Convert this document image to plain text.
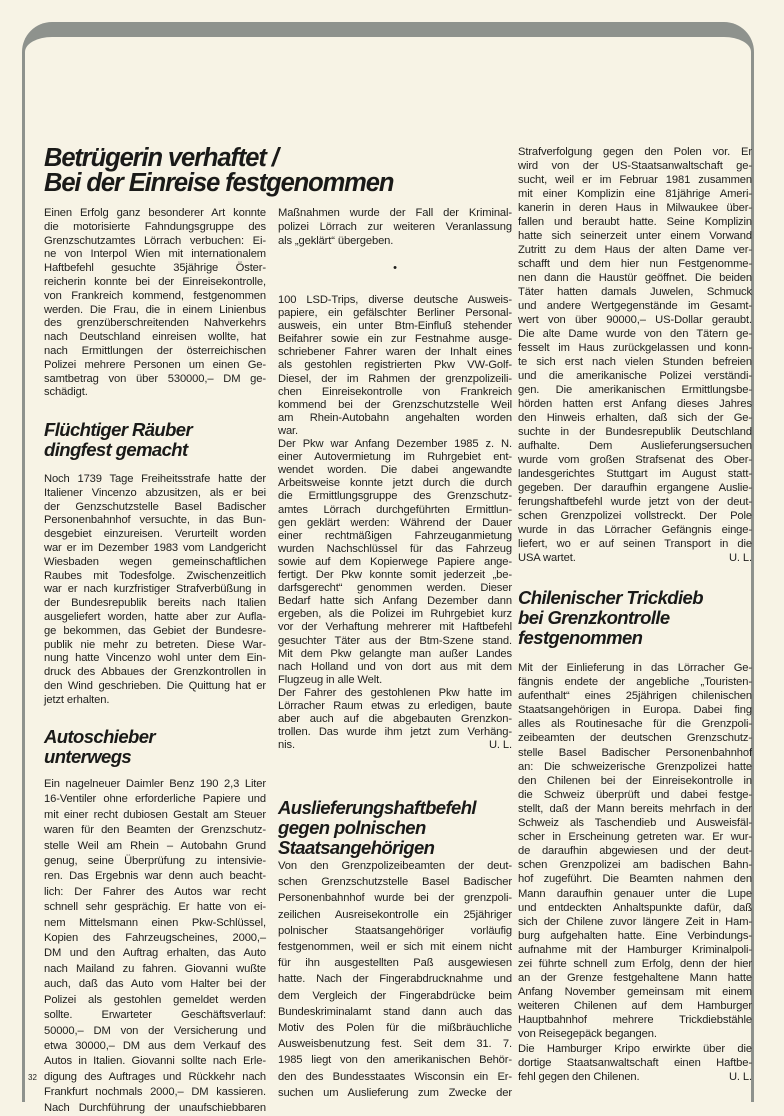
Betrügerin verhaftet /
Bei der Einreise festgenommen
Einen Erfolg ganz besonderer Art konnte
die motorisierte Fahndungsgruppe des
Grenzschutzamtes Lörrach verbuchen: Ei-
ne von Interpol Wien mit internationalem
Haftbefehl gesuchte 35jährige Öster-
reicherin konnte bei der Einreisekontrolle,
von Frankreich kommend, festgenommen
werden. Die Frau, die in einem Linienbus
des grenzüberschreitenden Nahverkehrs
nach Deutschland einreisen wollte, hat
nach Ermittlungen der österreichischen
Polizei mehrere Personen um einen Ge-
samtbetrag von über 530000,– DM ge-
schädigt.
Flüchtiger Räuber
dingfest gemacht
Noch 1739 Tage Freiheitsstrafe hatte der
Italiener Vincenzo abzusitzen, als er bei
der Genzschutzstelle Basel Badischer
Personenbahnhof versuchte, in das Bun-
desgebiet einzureisen. Verurteilt worden
war er im Dezember 1983 vom Landgericht
Wiesbaden wegen gemeinschaftlichen
Raubes mit Todesfolge. Zwischenzeitlich
war er nach kurzfristiger Strafverbüßung in
der Bundesrepublik bereits nach Italien
ausgeliefert worden, hatte aber zur Aufla-
ge bekommen, das Gebiet der Bundesre-
publik nie mehr zu betreten. Diese War-
nung hatte Vincenzo wohl unter dem Ein-
druck des Abbaues der Grenzkontrollen in
den Wind geschrieben. Die Quittung hat er
jetzt erhalten.
Autoschieber
unterwegs
Ein nagelneuer Daimler Benz 190 2,3 Liter
16-Ventiler ohne erforderliche Papiere und
mit einer recht dubiosen Gestalt am Steuer
waren für den Beamten der Grenzschutz-
stelle Weil am Rhein – Autobahn Grund
genug, seine Überprüfung zu intensivie-
ren. Das Ergebnis war denn auch beacht-
lich: Der Fahrer des Autos war recht
schnell sehr gesprächig. Er hatte von ei-
nem Mittelsmann einen Pkw-Schlüssel,
Kopien des Fahrzeugscheines, 2000,–
DM und den Auftrag erhalten, das Auto
nach Mailand zu fahren. Giovanni wußte
auch, daß das Auto vom Halter bei der
Polizei als gestohlen gemeldet werden
sollte. Erwarteter Geschäftsverlauf:
50000,– DM von der Versicherung und
etwa 30000,– DM aus dem Verkauf des
Autos in Italien. Giovanni sollte nach Erle-
digung des Auftrages und Rückkehr nach
Frankfurt nochmals 2000,– DM kassieren.
Nach Durchführung der unaufschiebbaren
Maßnahmen wurde der Fall der Kriminal-
polizei Lörrach zur weiteren Veranlassung
als „geklärt“ übergeben.
•
100 LSD-Trips, diverse deutsche Ausweis-
papiere, ein gefälschter Berliner Personal-
ausweis, ein unter Btm-Einfluß stehender
Beifahrer sowie ein zur Festnahme ausge-
schriebener Fahrer waren der Inhalt eines
als gestohlen registrierten Pkw VW-Golf-
Diesel, der im Rahmen der grenzpolizeili-
chen Einreisekontrolle von Frankreich
kommend bei der Grenzschutzstelle Weil
am Rhein-Autobahn angehalten worden
war.
Der Pkw war Anfang Dezember 1985 z. N.
einer Autovermietung im Ruhrgebiet ent-
wendet worden. Die dabei angewandte
Arbeitsweise konnte jetzt durch die durch
die Ermittlungsgruppe des Grenzschutz-
amtes Lörrach durchgeführten Ermittlun-
gen geklärt werden: Während der Dauer
einer rechtmäßigen Fahrzeuganmietung
wurden Nachschlüssel für das Fahrzeug
sowie auf dem Kopierwege Papiere ange-
fertigt. Der Pkw konnte somit jederzeit „be-
darfsgerecht“ genommen werden. Dieser
Bedarf hatte sich Anfang Dezember dann
ergeben, als die Polizei im Ruhrgebiet kurz
vor der Verhaftung mehrerer mit Haftbefehl
gesuchter Täter aus der Btm-Szene stand.
Mit dem Pkw gelangte man außer Landes
nach Holland und von dort aus mit dem
Flugzeug in alle Welt.
Der Fahrer des gestohlenen Pkw hatte im
Lörracher Raum etwas zu erledigen, baute
aber auch auf die abgebauten Grenzkon-
trollen. Das wurde ihm jetzt zum Verhäng-
nis.	U. L.
Auslieferungshaftbefehl
gegen polnischen
Staatsangehörigen
Von den Grenzpolizeibeamten der deut-
schen Grenzschutzstelle Basel Badischer
Personenbahnhof wurde bei der grenzpoli-
zeilichen Ausreisekontrolle ein 25jähriger
polnischer Staatsangehöriger vorläufig
festgenommen, weil er sich mit einem nicht
für ihn ausgestellten Paß ausgewiesen
hatte. Nach der Fingerabdrucknahme und
dem Vergleich der Fingerabdrücke beim
Bundeskriminalamt stand dann auch das
Motiv des Polen für die mißbräuchliche
Ausweisbenutzung fest. Seit dem 31. 7.
1985 liegt von den amerikanischen Behör-
den des Bundesstaates Wisconsin ein Er-
suchen um Auslieferung zum Zwecke der
Strafverfolgung gegen den Polen vor. Er
wird von der US-Staatsanwaltschaft ge-
sucht, weil er im Februar 1981 zusammen
mit einer Komplizin eine 81jährige Ameri-
kanerin in deren Haus in Milwaukee über-
fallen und beraubt hatte. Seine Komplizin
hatte sich seinerzeit unter einem Vorwand
Zutritt zu dem Haus der alten Dame ver-
schafft und dem hier nun Festgenomme-
nen dann die Haustür geöffnet. Die beiden
Täter hatten damals Juwelen, Schmuck
und andere Wertgegenstände im Gesamt-
wert von über 90000,– US-Dollar geraubt.
Die alte Dame wurde von den Tätern ge-
fesselt im Haus zurückgelassen und konn-
te sich erst nach vielen Stunden befreien
und die amerikanische Polizei verständi-
gen. Die amerikanischen Ermittlungsbe-
hörden hatten erst Anfang dieses Jahres
den Hinweis erhalten, daß sich der Ge-
suchte in der Bundesrepublik Deutschland
aufhalte. Dem Auslieferungsersuchen
wurde vom großen Strafsenat des Ober-
landesgerichtes Stuttgart im August statt-
gegeben. Der daraufhin ergangene Auslie-
ferungshaftbefehl wurde jetzt von der deut-
schen Grenzpolizei vollstreckt. Der Pole
wurde in das Lörracher Gefängnis einge-
liefert, wo er auf seinen Transport in die
USA wartet.	U. L.
Chilenischer Trickdieb
bei Grenzkontrolle
festgenommen
Mit der Einlieferung in das Lörracher Ge-
fängnis endete der angebliche „Touristen-
aufenthalt“ eines 25jährigen chilenischen
Staatsangehörigen in Europa. Dabei fing
alles als Routinesache für die Grenzpoli-
zeibeamten der deutschen Grenzschutz-
stelle Basel Badischer Personenbahnhof
an: Die schweizerische Grenzpolizei hatte
den Chilenen bei der Einreisekontrolle in
die Schweiz überprüft und dabei festge-
stellt, daß der Mann bereits mehrfach in der
Schweiz als Taschendieb und Ausweisfäl-
scher in Erscheinung getreten war. Er wur-
de daraufhin abgewiesen und der deut-
schen Grenzpolizei am badischen Bahn-
hof zugeführt. Die Beamten nahmen den
Mann daraufhin genauer unter die Lupe
und entdeckten Anhaltspunkte dafür, daß
sich der Chilene zuvor längere Zeit in Ham-
burg aufgehalten hatte. Eine Verbindungs-
aufnahme mit der Hamburger Kriminalpoli-
zei führte schnell zum Erfolg, denn der hier
an der Grenze festgehaltene Mann hatte
Anfang November gemeinsam mit einem
weiteren Chilenen auf dem Hamburger
Hauptbahnhof mehrere Trickdiebstähle
von Reisegepäck begangen.
Die Hamburger Kripo erwirkte über die
dortige Staatsanwaltschaft einen Haftbe-
fehl gegen den Chilenen.	U. L.
32
